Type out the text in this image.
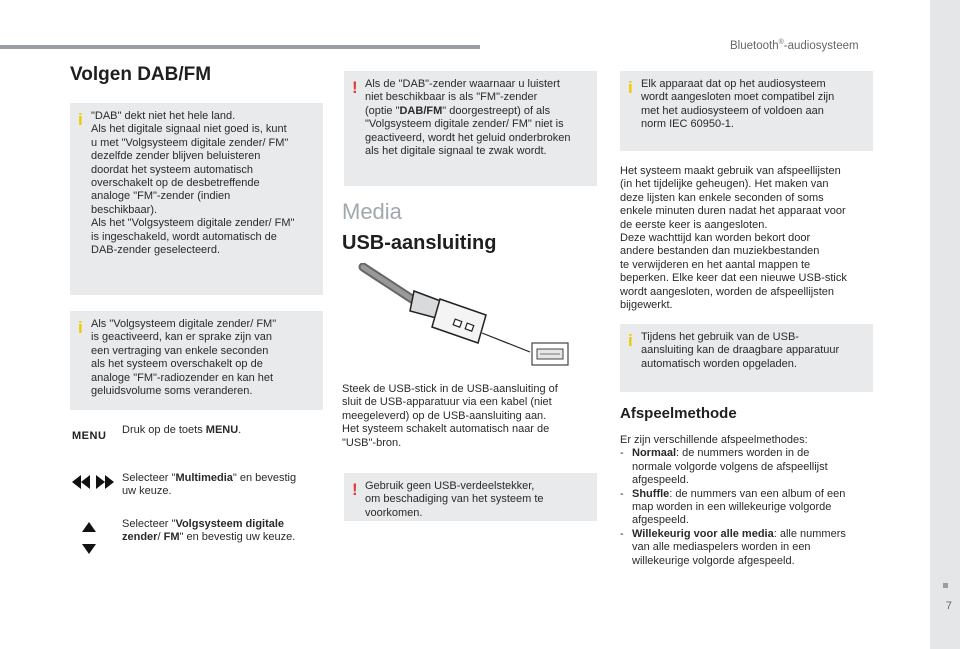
Bluetooth®-audiosysteem
7
Volgen DAB/FM
i "DAB" dekt niet het hele land.
Als het digitale signaal niet goed is, kunt
u met "Volgsysteem digitale zender/ FM"
dezelfde zender blijven beluisteren
doordat het systeem automatisch
overschakelt op de desbetreffende
analoge "FM"-zender (indien
beschikbaar).
Als het "Volgsysteem digitale zender/ FM"
is ingeschakeld, wordt automatisch de
DAB-zender geselecteerd.
i Als "Volgsysteem digitale zender/ FM"
is geactiveerd, kan er sprake zijn van
een vertraging van enkele seconden
als het systeem overschakelt op de
analoge "FM"-radiozender en kan het
geluidsvolume soms veranderen.
MENU Druk op de toets MENU.
Selecteer "Multimedia" en bevestig
uw keuze.
Selecteer "Volgsysteem digitale
zender/ FM" en bevestig uw keuze.
! Als de "DAB"-zender waarnaar u luistert
niet beschikbaar is als "FM"-zender
(optie "DAB/FM" doorgestreept) of als
"Volgsysteem digitale zender/ FM" niet is
geactiveerd, wordt het geluid onderbroken
als het digitale signaal te zwak wordt.
Media
USB-aansluiting
Steek de USB-stick in de USB-aansluiting of
sluit de USB-apparatuur via een kabel (niet
meegeleverd) op de USB-aansluiting aan.
Het systeem schakelt automatisch naar de
"USB"-bron.
! Gebruik geen USB-verdeelstekker,
om beschadiging van het systeem te
voorkomen.
i Elk apparaat dat op het audiosysteem
wordt aangesloten moet compatibel zijn
met het audiosysteem of voldoen aan
norm IEC 60950-1.
Het systeem maakt gebruik van afspeellijsten
(in het tijdelijke geheugen). Het maken van
deze lijsten kan enkele seconden of soms
enkele minuten duren nadat het apparaat voor
de eerste keer is aangesloten.
Deze wachttijd kan worden bekort door
andere bestanden dan muziekbestanden
te verwijderen en het aantal mappen te
beperken. Elke keer dat een nieuwe USB-stick
wordt aangesloten, worden de afspeellijsten
bijgewerkt.
i Tijdens het gebruik van de USB-
aansluiting kan de draagbare apparatuur
automatisch worden opgeladen.
Afspeelmethode
Er zijn verschillende afspeelmethodes:
- Normaal: de nummers worden in de
normale volgorde volgens de afspeellijst
afgespeeld.
- Shuffle: de nummers van een album of een
map worden in een willekeurige volgorde
afgespeeld.
- Willekeurig voor alle media: alle nummers
van alle mediaspelers worden in een
willekeurige volgorde afgespeeld.
